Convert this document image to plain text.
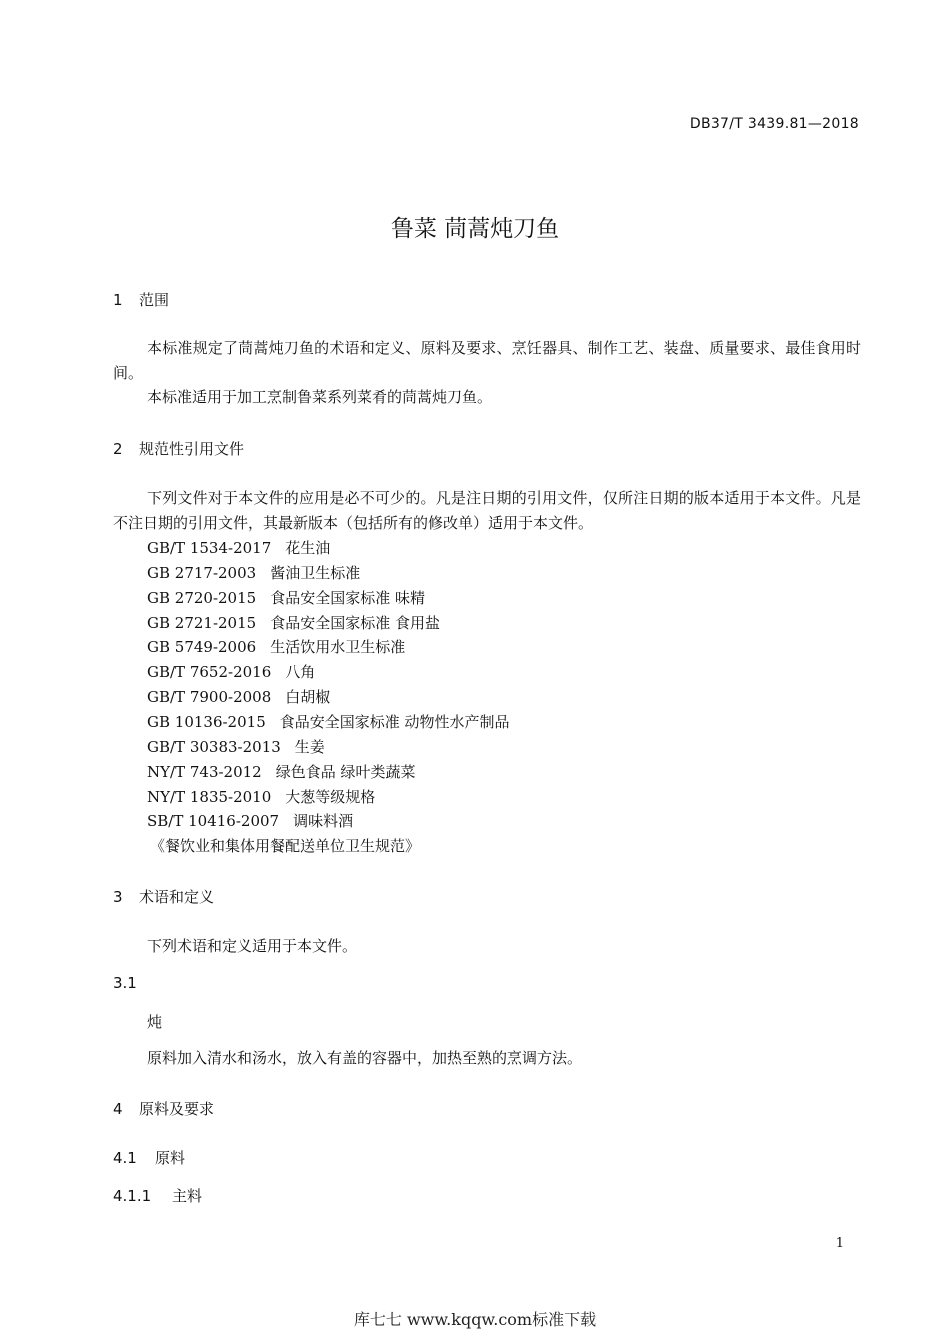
DB37/T 3439.81—2018
鲁菜 茼蒿炖刀鱼
1 范围
本标准规定了茼蒿炖刀鱼的术语和定义、原料及要求、烹饪器具、制作工艺、装盘、质量要求、最佳食用时间。
本标准适用于加工烹制鲁菜系列菜肴的茼蒿炖刀鱼。
2 规范性引用文件
下列文件对于本文件的应用是必不可少的。凡是注日期的引用文件，仅所注日期的版本适用于本文件。凡是不注日期的引用文件，其最新版本（包括所有的修改单）适用于本文件。
GB/T 1534-2017 花生油
GB 2717-2003 酱油卫生标准
GB 2720-2015 食品安全国家标准 味精
GB 2721-2015 食品安全国家标准 食用盐
GB 5749-2006 生活饮用水卫生标准
GB/T 7652-2016 八角
GB/T 7900-2008 白胡椒
GB 10136-2015 食品安全国家标准 动物性水产制品
GB/T 30383-2013 生姜
NY/T 743-2012 绿色食品 绿叶类蔬菜
NY/T 1835-2010 大葱等级规格
SB/T 10416-2007 调味料酒
《餐饮业和集体用餐配送单位卫生规范》
3 术语和定义
下列术语和定义适用于本文件。
3.1
炖
原料加入清水和汤水，放入有盖的容器中，加热至熟的烹调方法。
4 原料及要求
4.1 原料
4.1.1 主料
1
库七七 www.kqqw.com标准下载
